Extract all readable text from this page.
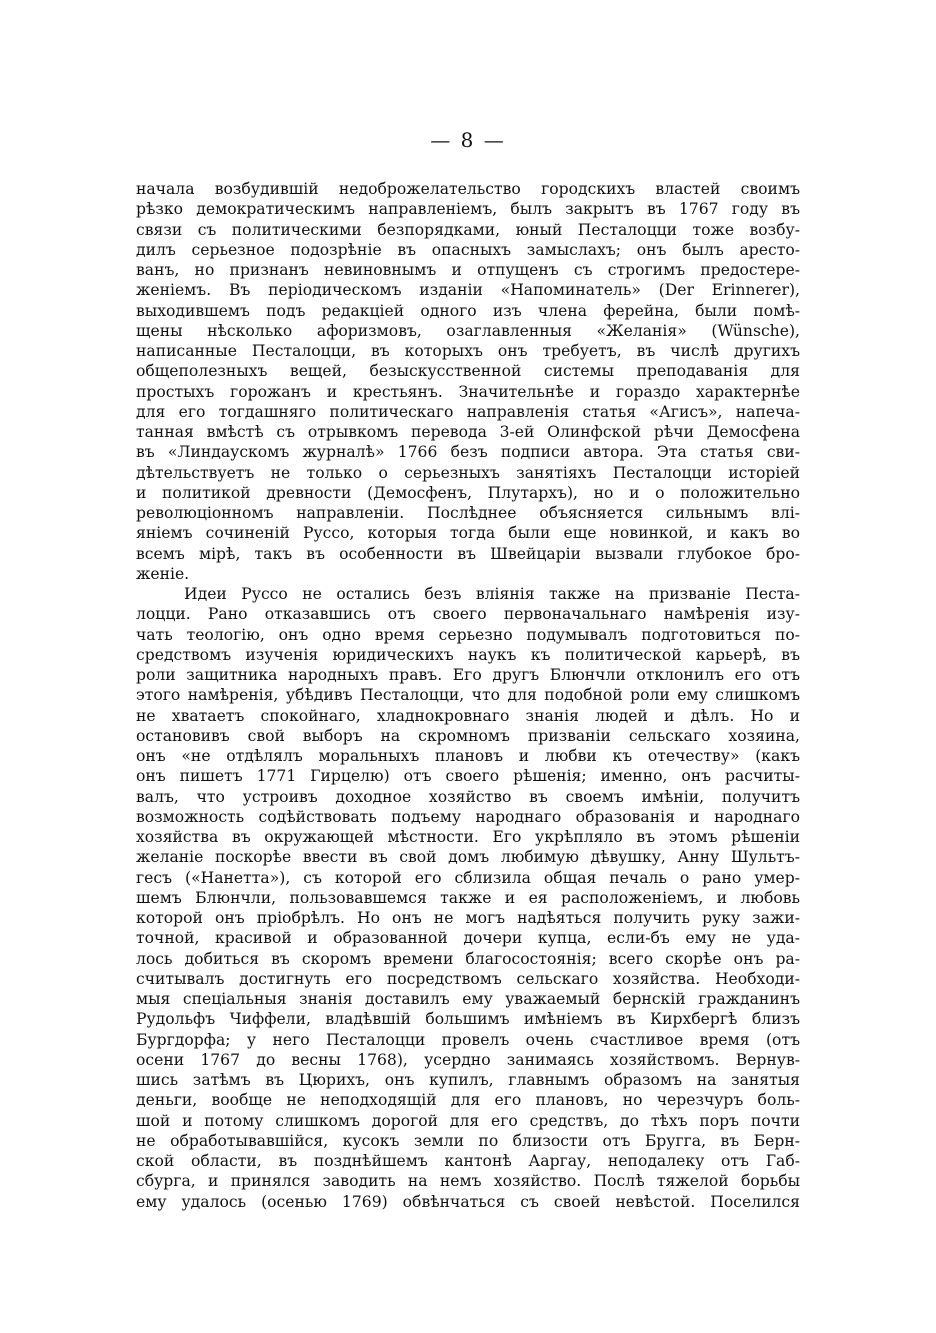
— 8 —
начала возбудившій недоброжелательство городскихъ властей своимъ
рѣзко демократическимъ направленіемъ, былъ закрытъ въ 1767 году въ
связи съ политическими безпорядками, юный Песталоцци тоже возбу-
дилъ серьезное подозрѣніе въ опасныхъ замыслахъ; онъ былъ аресто-
ванъ, но признанъ невиновнымъ и отпущенъ съ строгимъ предостере-
женіемъ. Въ періодическомъ изданіи «Напоминатель» (Der Erinnerer),
выходившемъ подъ редакціей одного изъ члена ферейна, были помѣ-
щены нѣсколько афоризмовъ, озаглавленныя «Желанія» (Wünsche),
написанные Песталоцци, въ которыхъ онъ требуетъ, въ числѣ другихъ
общеполезныхъ вещей, безыскусственной системы преподаванія для
простыхъ горожанъ и крестьянъ. Значительнѣе и гораздо характернѣе
для его тогдашняго политическаго направленія статья «Агисъ», напеча-
танная вмѣстѣ съ отрывкомъ перевода 3-ей Олинфской рѣчи Демосфена
въ «Линдаускомъ журналѣ» 1766 безъ подписи автора. Эта статья сви-
дѣтельствуетъ не только о серьезныхъ занятіяхъ Песталоцци исторіей
и политикой древности (Демосфенъ, Плутархъ), но и о положительно
революціонномъ направленіи. Послѣднее объясняется сильнымъ влі-
яніемъ сочиненій Руссо, которыя тогда были еще новинкой, и какъ во
всемъ мірѣ, такъ въ особенности въ Швейцаріи вызвали глубокое бро-
женіе.
Идеи Руссо не остались безъ вліянія также на призваніе Песта-
лоцци. Рано отказавшись отъ своего первоначальнаго намѣренія изу-
чать теологію, онъ одно время серьезно подумывалъ подготовиться по-
средствомъ изученія юридическихъ наукъ къ политической карьерѣ, въ
роли защитника народныхъ правъ. Его другъ Блюнчли отклонилъ его отъ
этого намѣренія, убѣдивъ Песталоцци, что для подобной роли ему слишкомъ
не хватаетъ спокойнаго, хладнокровнаго знанія людей и дѣлъ. Но и
остановивъ свой выборъ на скромномъ призваніи сельскаго хозяина,
онъ «не отдѣлялъ моральныхъ плановъ и любви къ отечеству» (какъ
онъ пишетъ 1771 Гирцелю) отъ своего рѣшенія; именно, онъ расчиты-
валъ, что устроивъ доходное хозяйство въ своемъ имѣніи, получитъ
возможность содѣйствовать подъему народнаго образованія и народнаго
хозяйства въ окружающей мѣстности. Его укрѣпляло въ этомъ рѣшеніи
желаніе поскорѣе ввести въ свой домъ любимую дѣвушку, Анну Шультъ-
гесъ («Нанетта»), съ которой его сблизила общая печаль о рано умер-
шемъ Блюнчли, пользовавшемся также и ея расположеніемъ, и любовь
которой онъ пріобрѣлъ. Но онъ не могъ надѣяться получить руку зажи-
точной, красивой и образованной дочери купца, если-бъ ему не уда-
лось добиться въ скоромъ времени благосостоянія; всего скорѣе онъ ра-
считывалъ достигнуть его посредствомъ сельскаго хозяйства. Необходи-
мыя спеціальныя знанія доставилъ ему уважаемый бернскій гражданинъ
Рудольфъ Чиффели, владѣвшій большимъ имѣніемъ въ Кирхбергѣ близъ
Бургдорфа; у него Песталоцци провелъ очень счастливое время (отъ
осени 1767 до весны 1768), усердно занимаясь хозяйствомъ. Вернув-
шись затѣмъ въ Цюрихъ, онъ купилъ, главнымъ образомъ на занятыя
деньги, вообще не неподходящій для его плановъ, но черезчуръ боль-
шой и потому слишкомъ дорогой для его средствъ, до тѣхъ поръ почти
не обработывавшійся, кусокъ земли по близости отъ Бругга, въ Берн-
ской области, въ позднѣйшемъ кантонѣ Ааргау, неподалеку отъ Габ-
сбурга, и принялся заводить на немъ хозяйство. Послѣ тяжелой борьбы
ему удалось (осенью 1769) обвѣнчаться съ своей невѣстой. Поселился
